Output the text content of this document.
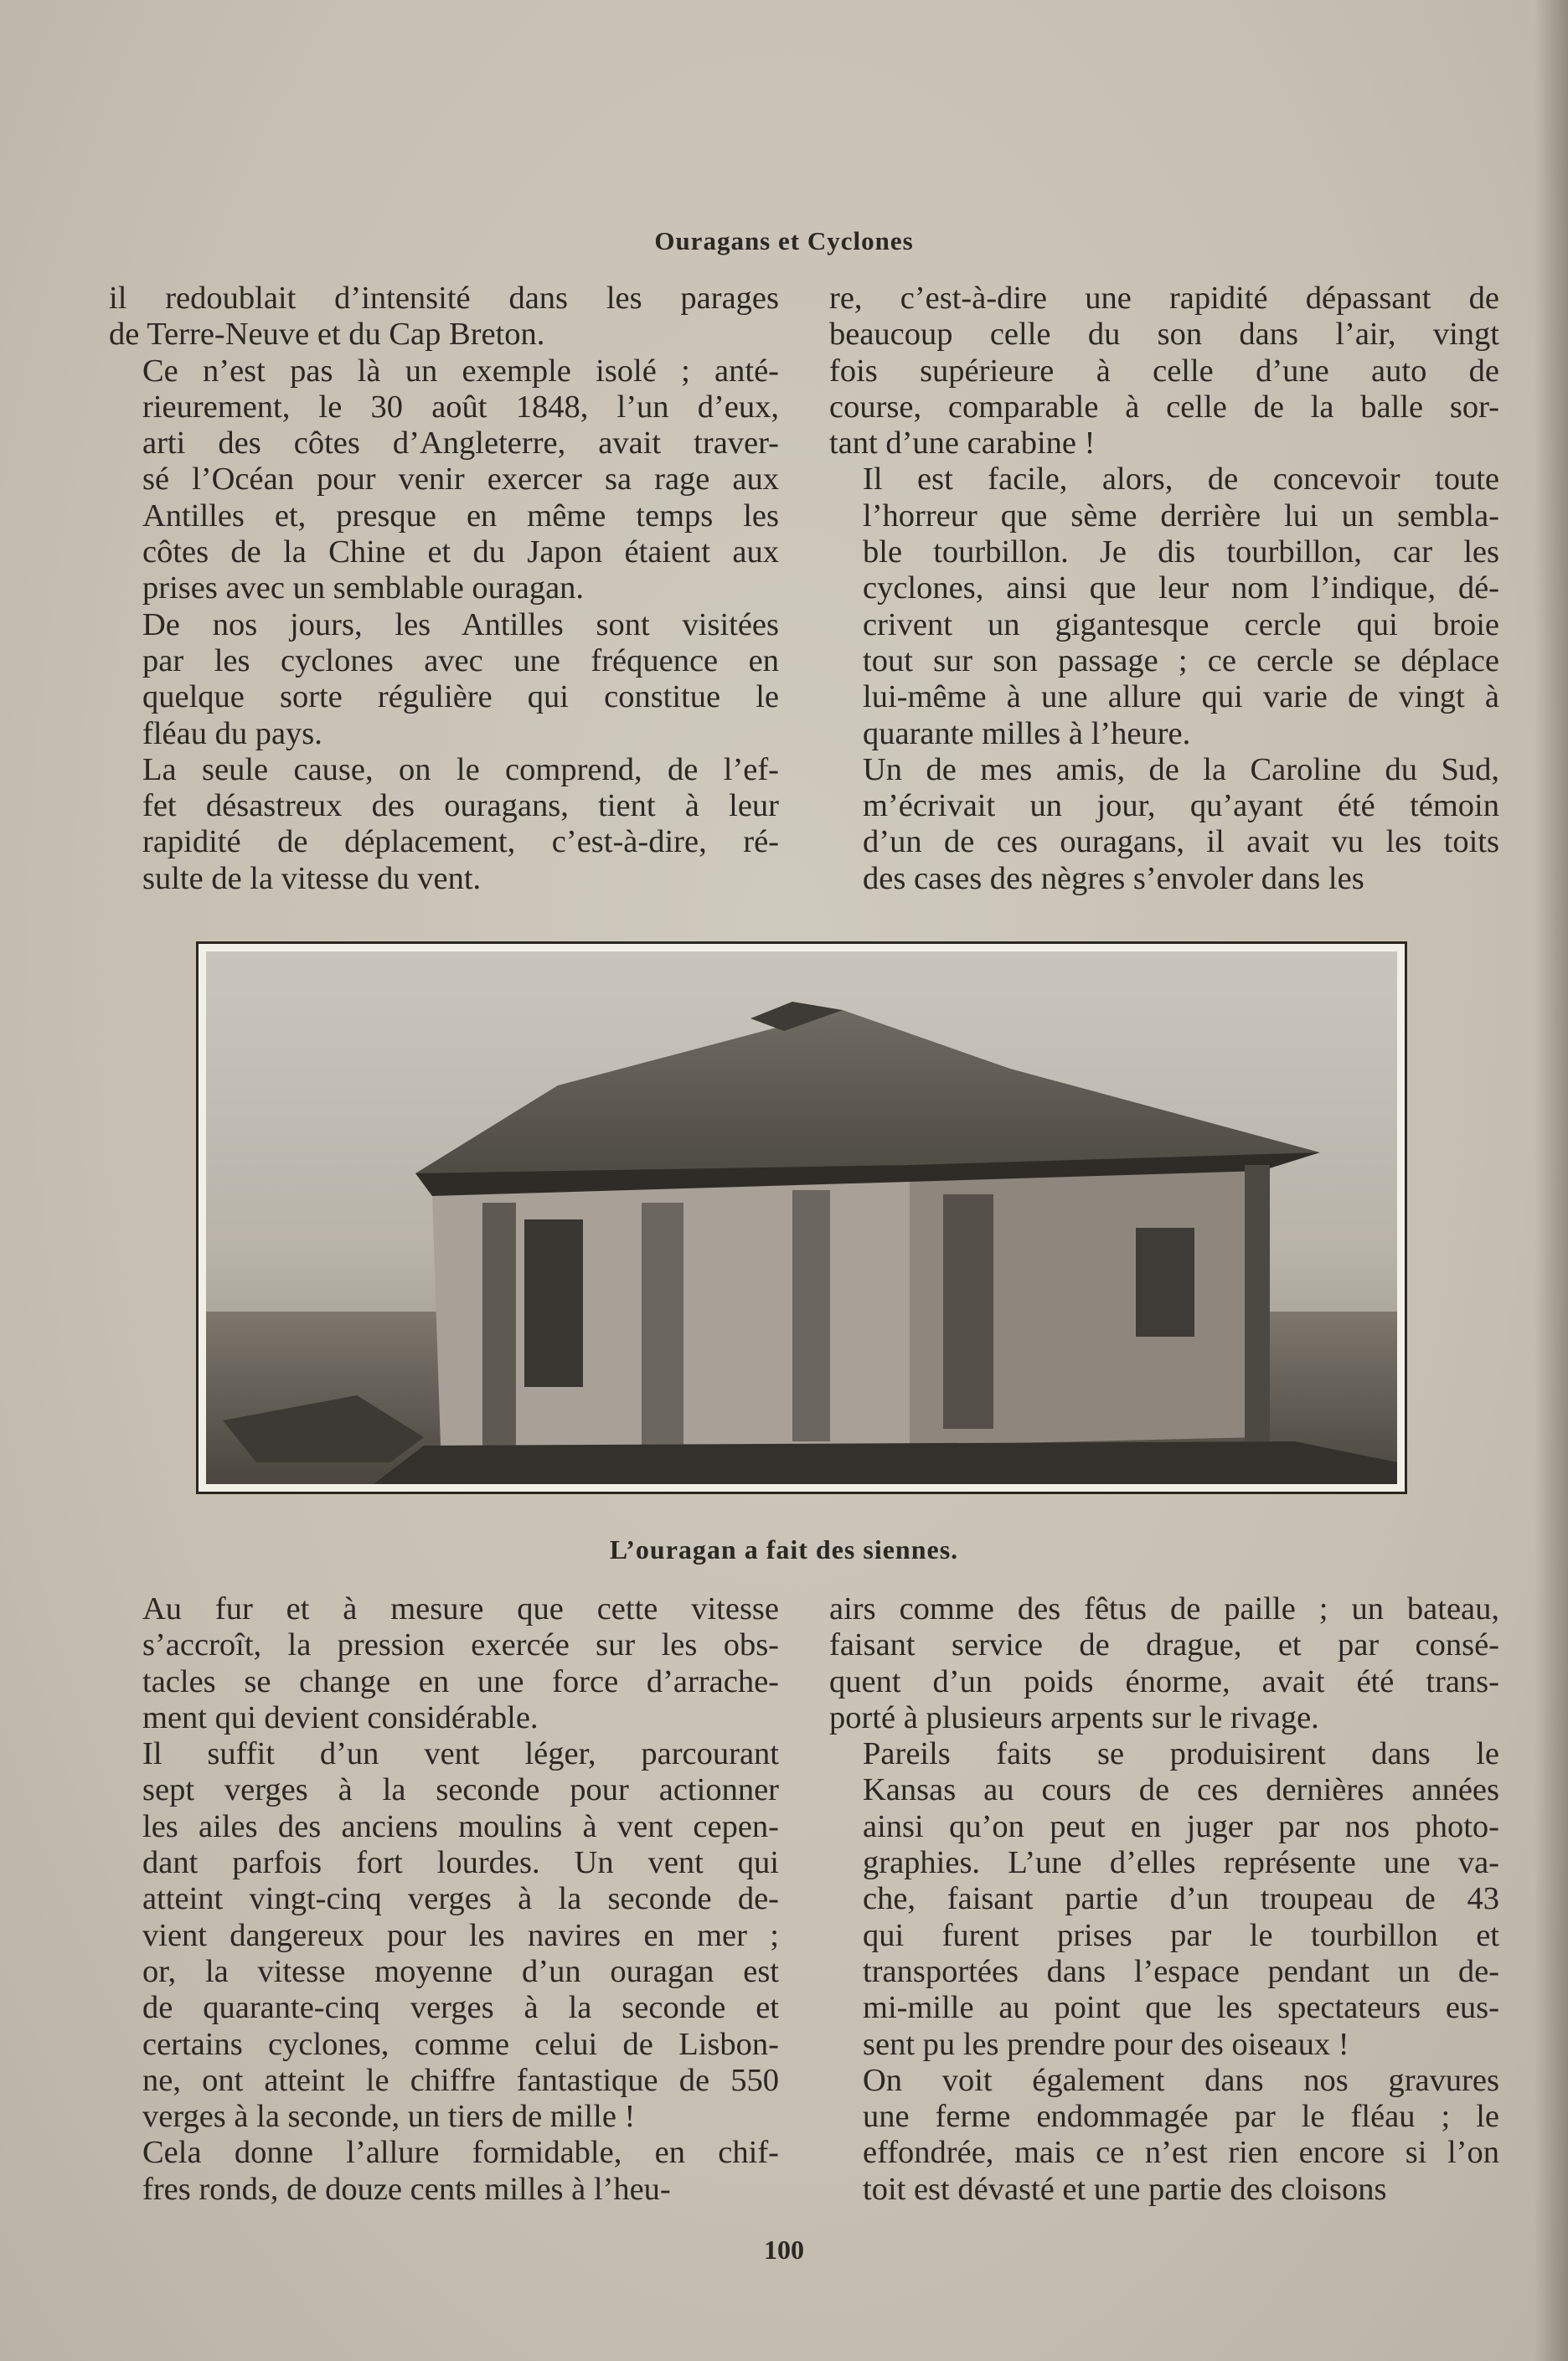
Ouragans et Cyclones

il redoublait d’intensité dans les parages
de Terre-Neuve et du Cap Breton.

Ce n’est pas là un exemple isolé ; anté-
rieurement, le 30 août 1848, l’un d’eux,
arti des côtes d’Angleterre, avait traver-
sé l’Océan pour venir exercer sa rage aux
Antilles et, presque en même temps les
côtes de la Chine et du Japon étaient aux
prises avec un semblable ouragan.

De nos jours, les Antilles sont visitées
par les cyclones avec une fréquence en
quelque sorte régulière qui constitue le
fléau du pays.

La seule cause, on le comprend, de l’ef-
fet désastreux des ouragans, tient à leur
rapidité de déplacement, c’est-à-dire, ré-
sulte de la vitesse du vent.

re, c’est-à-dire une rapidité dépassant de
beaucoup celle du son dans l’air, vingt
fois supérieure à celle d’une auto de
course, comparable à celle de la balle sor-
tant d’une carabine !

Il est facile, alors, de concevoir toute
l’horreur que sème derrière lui un sembla-
ble tourbillon. Je dis tourbillon, car les
cyclones, ainsi que leur nom l’indique, dé-
crivent un gigantesque cercle qui broie
tout sur son passage ; ce cercle se déplace
lui-même à une allure qui varie de vingt à
quarante milles à l’heure.

Un de mes amis, de la Caroline du Sud,
m’écrivait un jour, qu’ayant été témoin
d’un de ces ouragans, il avait vu les toits
des cases des nègres s’envoler dans les

L’ouragan a fait des siennes.

Au fur et à mesure que cette vitesse
s’accroît, la pression exercée sur les obs-
tacles se change en une force d’arrache-
ment qui devient considérable.

Il suffit d’un vent léger, parcourant
sept verges à la seconde pour actionner
les ailes des anciens moulins à vent cepen-
dant parfois fort lourdes. Un vent qui
atteint vingt-cinq verges à la seconde de-
vient dangereux pour les navires en mer ;
or, la vitesse moyenne d’un ouragan est
de quarante-cinq verges à la seconde et
certains cyclones, comme celui de Lisbon-
ne, ont atteint le chiffre fantastique de 550
verges à la seconde, un tiers de mille !

Cela donne l’allure formidable, en chif-
fres ronds, de douze cents milles à l’heu-

airs comme des fêtus de paille ; un bateau,
faisant service de drague, et par consé-
quent d’un poids énorme, avait été trans-
porté à plusieurs arpents sur le rivage.

Pareils faits se produisirent dans le
Kansas au cours de ces dernières années
ainsi qu’on peut en juger par nos photo-
graphies. L’une d’elles représente une va-
che, faisant partie d’un troupeau de 43
qui furent prises par le tourbillon et
transportées dans l’espace pendant un de-
mi-mille au point que les spectateurs eus-
sent pu les prendre pour des oiseaux !

On voit également dans nos gravures
une ferme endommagée par le fléau ; le
effondrée, mais ce n’est rien encore si l’on
toit est dévasté et une partie des cloisons

100
